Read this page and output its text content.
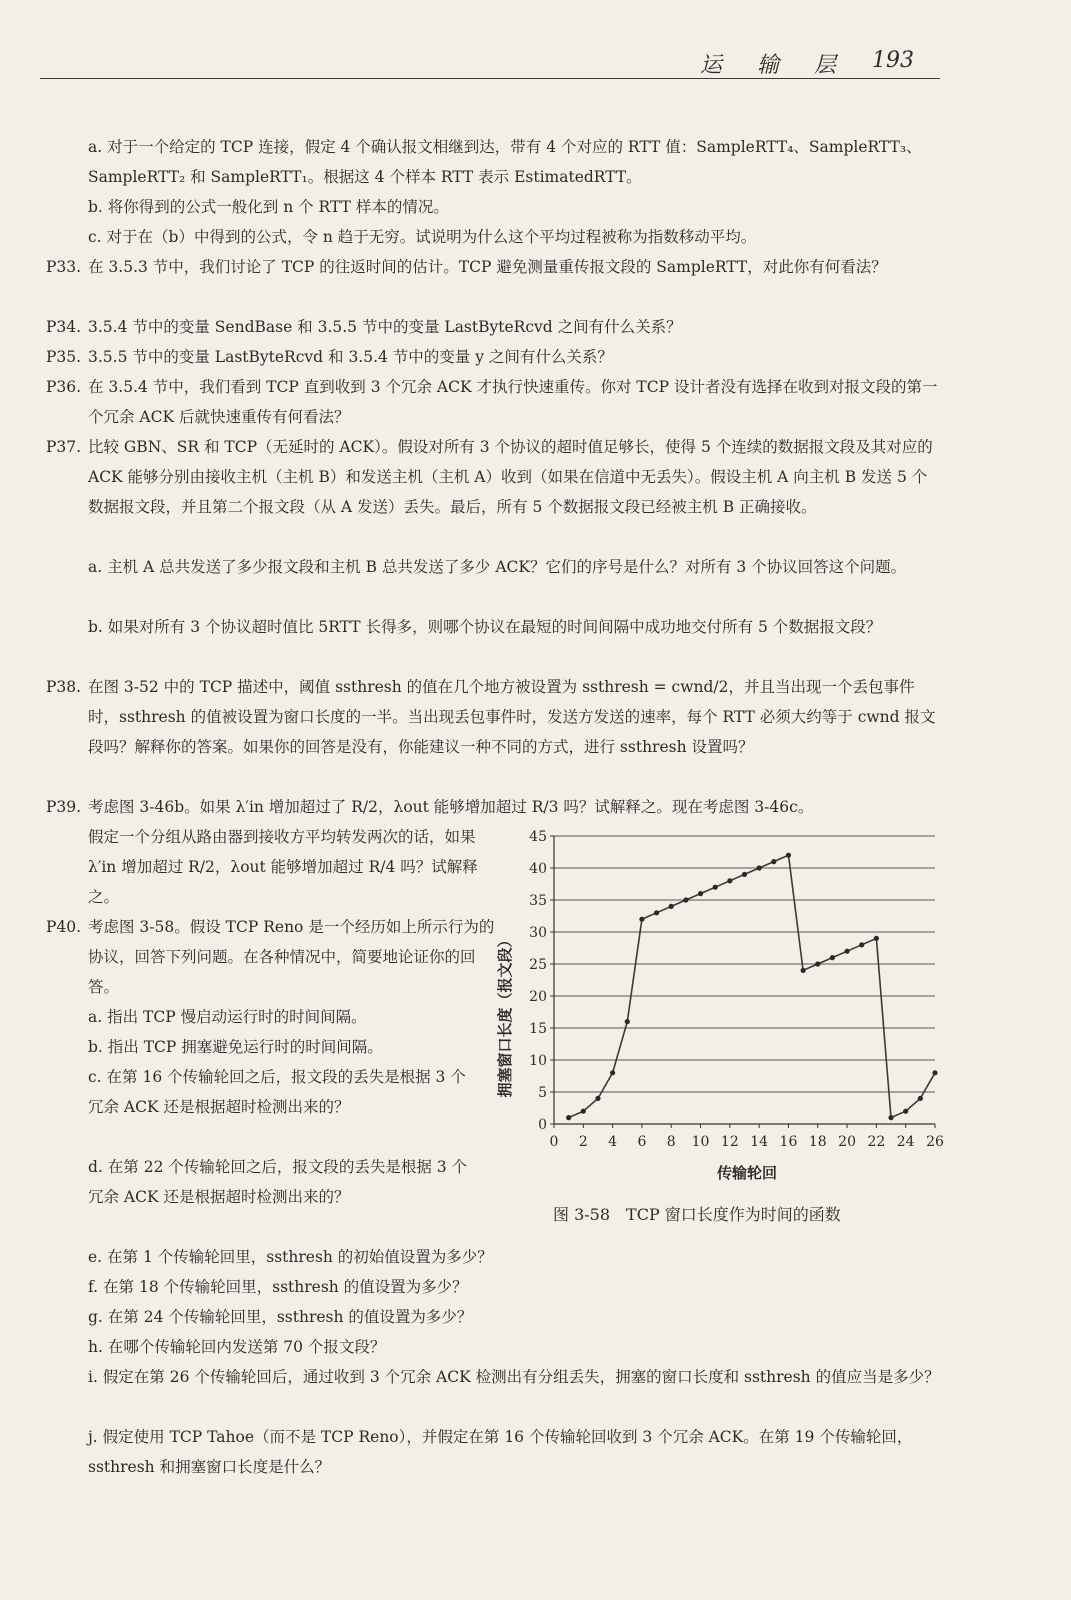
运 输 层 193
a. 对于一个给定的 TCP 连接，假定 4 个确认报文相继到达，带有 4 个对应的 RTT 值：SampleRTT₄、SampleRTT₃、SampleRTT₂ 和 SampleRTT₁。根据这 4 个样本 RTT 表示 EstimatedRTT。
b. 将你得到的公式一般化到 n 个 RTT 样本的情况。
c. 对于在（b）中得到的公式，令 n 趋于无穷。试说明为什么这个平均过程被称为指数移动平均。
P33. 在 3.5.3 节中，我们讨论了 TCP 的往返时间的估计。TCP 避免测量重传报文段的 SampleRTT，对此你有何看法？
P34. 3.5.4 节中的变量 SendBase 和 3.5.5 节中的变量 LastByteRcvd 之间有什么关系？
P35. 3.5.5 节中的变量 LastByteRcvd 和 3.5.4 节中的变量 y 之间有什么关系？
P36. 在 3.5.4 节中，我们看到 TCP 直到收到 3 个冗余 ACK 才执行快速重传。你对 TCP 设计者没有选择在收到对报文段的第一个冗余 ACK 后就快速重传有何看法？
P37. 比较 GBN、SR 和 TCP（无延时的 ACK）。假设对所有 3 个协议的超时值足够长，使得 5 个连续的数据报文段及其对应的 ACK 能够分别由接收主机（主机 B）和发送主机（主机 A）收到（如果在信道中无丢失）。假设主机 A 向主机 B 发送 5 个数据报文段，并且第二个报文段（从 A 发送）丢失。最后，所有 5 个数据报文段已经被主机 B 正确接收。
a. 主机 A 总共发送了多少报文段和主机 B 总共发送了多少 ACK？它们的序号是什么？对所有 3 个协议回答这个问题。
b. 如果对所有 3 个协议超时值比 5RTT 长得多，则哪个协议在最短的时间间隔中成功地交付所有 5 个数据报文段？
P38. 在图 3-52 中的 TCP 描述中，阈值 ssthresh 的值在几个地方被设置为 ssthresh = cwnd/2，并且当出现一个丢包事件时，ssthresh 的值被设置为窗口长度的一半。当出现丢包事件时，发送方发送的速率，每个 RTT 必须大约等于 cwnd 报文段吗？解释你的答案。如果你的回答是没有，你能建议一种不同的方式，进行 ssthresh 设置吗？
P39. 考虑图 3-46b。如果 λ′in 增加超过了 R/2，λout 能够增加超过 R/3 吗？试解释之。现在考虑图 3-46c。
假定一个分组从路由器到接收方平均转发两次的话，如果 λ′in 增加超过 R/2，λout 能够增加超过 R/4 吗？试解释之。
P40. 考虑图 3-58。假设 TCP Reno 是一个经历如上所示行为的协议，回答下列问题。在各种情况中，简要地论证你的回答。
a. 指出 TCP 慢启动运行时的时间间隔。
b. 指出 TCP 拥塞避免运行时的时间间隔。
c. 在第 16 个传输轮回之后，报文段的丢失是根据 3 个冗余 ACK 还是根据超时检测出来的？
d. 在第 22 个传输轮回之后，报文段的丢失是根据 3 个冗余 ACK 还是根据超时检测出来的？
e. 在第 1 个传输轮回里，ssthresh 的初始值设置为多少？
f. 在第 18 个传输轮回里，ssthresh 的值设置为多少？
g. 在第 24 个传输轮回里，ssthresh 的值设置为多少？
h. 在哪个传输轮回内发送第 70 个报文段？
i. 假定在第 26 个传输轮回后，通过收到 3 个冗余 ACK 检测出有分组丢失，拥塞的窗口长度和 ssthresh 的值应当是多少？
j. 假定使用 TCP Tahoe（而不是 TCP Reno），并假定在第 16 个传输轮回收到 3 个冗余 ACK。在第 19 个传输轮回，ssthresh 和拥塞窗口长度是什么？
0
5
10
15
20
25
30
35
40
45
0 2 4 6 8 10 12 14 16 18 20 22 24 26
传输轮回
拥塞窗口长度（报文段）
图 3-58　TCP 窗口长度作为时间的函数
